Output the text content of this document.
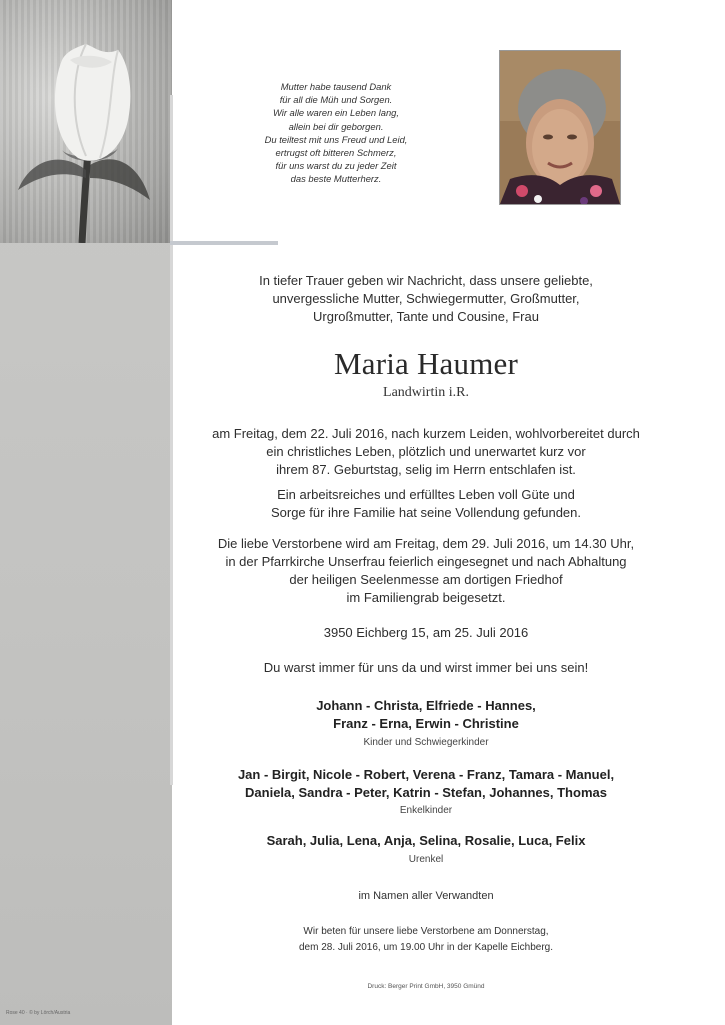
Mutter habe tausend Dank
für all die Müh und Sorgen.
Wir alle waren ein Leben lang,
allein bei dir geborgen.
Du teiltest mit uns Freud und Leid,
ertrugst oft bitteren Schmerz,
für uns warst du zu jeder Zeit
das beste Mutterherz.
In tiefer Trauer geben wir Nachricht, dass unsere geliebte,
unvergessliche Mutter, Schwiegermutter, Großmutter,
Urgroßmutter, Tante und Cousine, Frau
Maria Haumer
Landwirtin i.R.
am Freitag, dem 22. Juli 2016, nach kurzem Leiden, wohlvorbereitet durch
ein christliches Leben, plötzlich und unerwartet kurz vor
ihrem 87. Geburtstag, selig im Herrn entschlafen ist.
Ein arbeitsreiches und erfülltes Leben voll Güte und
Sorge für ihre Familie hat seine Vollendung gefunden.
Die liebe Verstorbene wird am Freitag, dem 29. Juli 2016, um 14.30 Uhr,
in der Pfarrkirche Unserfrau feierlich eingesegnet und nach Abhaltung
der heiligen Seelenmesse am dortigen Friedhof
im Familiengrab beigesetzt.
3950 Eichberg 15, am 25. Juli 2016
Du warst immer für uns da und wirst immer bei uns sein!
Johann - Christa, Elfriede - Hannes,
Franz - Erna, Erwin - Christine
Kinder und Schwiegerkinder
Jan - Birgit, Nicole - Robert, Verena - Franz, Tamara - Manuel,
Daniela, Sandra - Peter, Katrin - Stefan, Johannes, Thomas
Enkelkinder
Sarah, Julia, Lena, Anja, Selina, Rosalie, Luca, Felix
Urenkel
im Namen aller Verwandten
Wir beten für unsere liebe Verstorbene am Donnerstag,
dem 28. Juli 2016, um 19.00 Uhr in der Kapelle Eichberg.
Druck: Berger Print GmbH, 3950 Gmünd
Rose 40 · © by Lörch/Austria
